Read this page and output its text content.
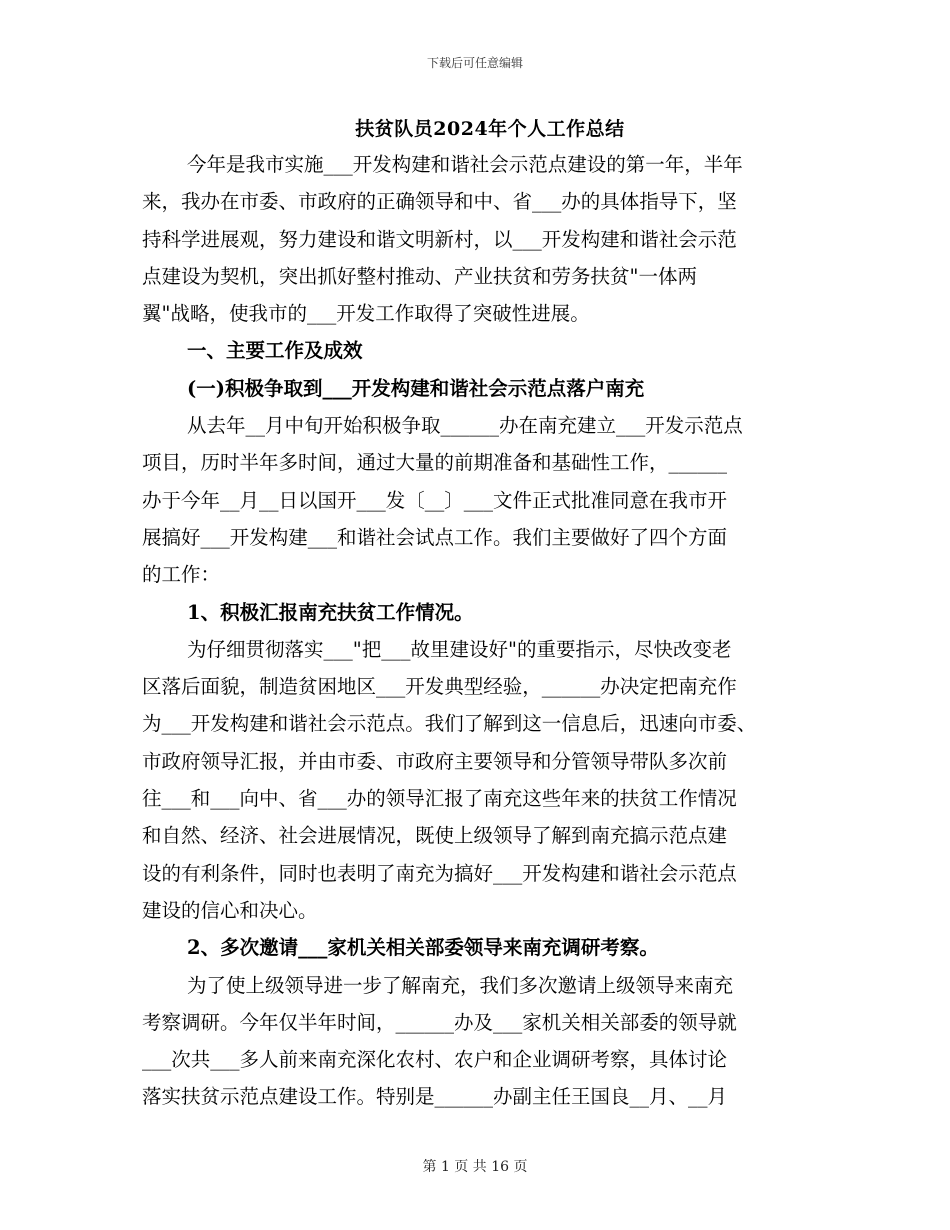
下载后可任意编辑
扶贫队员2024年个人工作总结
今年是我市实施___开发构建和谐社会示范点建设的第一年，半年
来，我办在市委、市政府的正确领导和中、省___办的具体指导下，坚
持科学进展观，努力建设和谐文明新村，以___开发构建和谐社会示范
点建设为契机，突出抓好整村推动、产业扶贫和劳务扶贫"一体两
翼"战略，使我市的___开发工作取得了突破性进展。
一、主要工作及成效
(一)积极争取到___开发构建和谐社会示范点落户南充
从去年__月中旬开始积极争取______办在南充建立___开发示范点
项目，历时半年多时间，通过大量的前期准备和基础性工作，______
办于今年__月__日以国开___发〔__〕___文件正式批准同意在我市开
展搞好___开发构建___和谐社会试点工作。我们主要做好了四个方面
的工作：
1、积极汇报南充扶贫工作情况。
为仔细贯彻落实___"把___故里建设好"的重要指示，尽快改变老
区落后面貌，制造贫困地区___开发典型经验，______办决定把南充作
为___开发构建和谐社会示范点。我们了解到这一信息后，迅速向市委、
市政府领导汇报，并由市委、市政府主要领导和分管领导带队多次前
往___和___向中、省___办的领导汇报了南充这些年来的扶贫工作情况
和自然、经济、社会进展情况，既使上级领导了解到南充搞示范点建
设的有利条件，同时也表明了南充为搞好___开发构建和谐社会示范点
建设的信心和决心。
2、多次邀请___家机关相关部委领导来南充调研考察。
为了使上级领导进一步了解南充，我们多次邀请上级领导来南充
考察调研。今年仅半年时间，______办及___家机关相关部委的领导就
___次共___多人前来南充深化农村、农户和企业调研考察，具体讨论
落实扶贫示范点建设工作。特别是______办副主任王国良__月、__月
第 1 页 共 16 页
